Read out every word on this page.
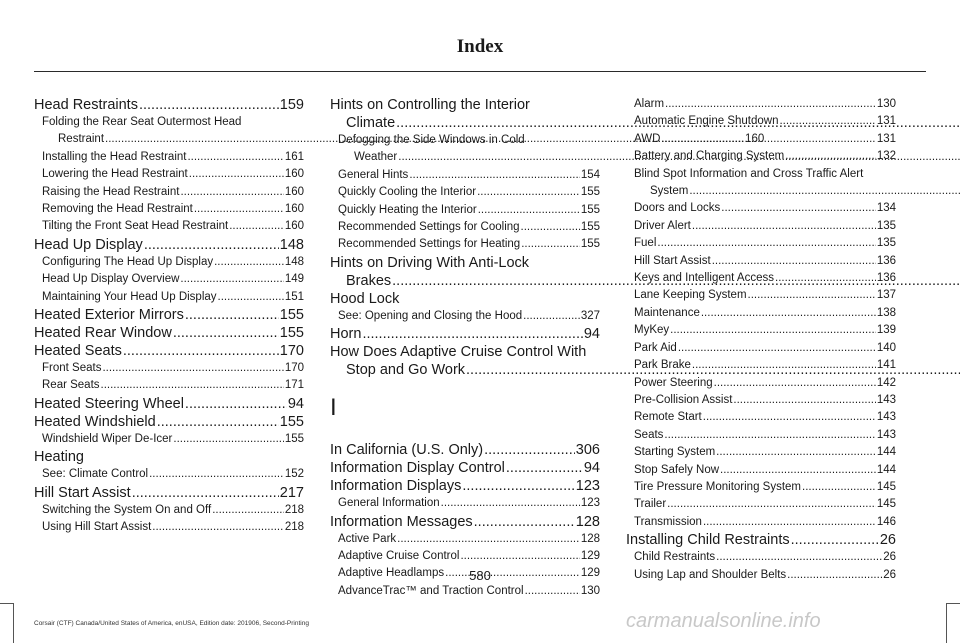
Index
Head Restraints .....	159
Folding the Rear Seat Outermost Head
Restraint .....	160
Installing the Head Restraint .....	161
Lowering the Head Restraint .....	160
Raising the Head Restraint .....	160
Removing the Head Restraint .....	160
Tilting the Front Seat Head Restraint .....	160
Head Up Display .....	148
Configuring The Head Up Display .....	148
Head Up Display Overview .....	149
Maintaining Your Head Up Display .....	151
Heated Exterior Mirrors .....	155
Heated Rear Window .....	155
Heated Seats .....	170
Front Seats .....	170
Rear Seats .....	171
Heated Steering Wheel .....	94
Heated Windshield .....	155
Windshield Wiper De-Icer .....	155
Heating
See: Climate Control .....	152
Hill Start Assist .....	217
Switching the System On and Off .....	218
Using Hill Start Assist .....	218
Hints on Controlling the Interior
Climate .....
Defogging the Side Windows in Cold
Weather .....
General Hints .....	154
Quickly Cooling the Interior .....	155
Quickly Heating the Interior .....	155
Recommended Settings for Cooling .....	155
Recommended Settings for Heating .....	155
Hints on Driving With Anti-Lock
Brakes .....
Hood Lock
See: Opening and Closing the Hood .....	327
Horn .....	94
How Does Adaptive Cruise Control With
Stop and Go Work .....
I
In California (U.S. Only) .....	306
Information Display Control .....	94
Information Displays .....	123
General Information .....	123
Information Messages .....	128
Active Park .....	128
Adaptive Cruise Control .....	129
Adaptive Headlamps .....	129
AdvanceTrac™ and Traction Control .....	130
Alarm .....	130
Automatic Engine Shutdown .....	131
AWD .....	131
Battery and Charging System .....	132
Blind Spot Information and Cross Traffic Alert
System .....
Doors and Locks .....	134
Driver Alert .....	135
Fuel .....	135
Hill Start Assist .....	136
Keys and Intelligent Access .....	136
Lane Keeping System .....	137
Maintenance .....	138
MyKey .....	139
Park Aid .....	140
Park Brake .....	141
Power Steering .....	142
Pre-Collision Assist .....	143
Remote Start .....	143
Seats .....	143
Starting System .....	144
Stop Safely Now .....	144
Tire Pressure Monitoring System .....	145
Trailer .....	145
Transmission .....	146
Installing Child Restraints .....	26
Child Restraints .....	26
Using Lap and Shoulder Belts .....	26
580
Corsair (CTF) Canada/United States of America, enUSA, Edition date: 201906, Second-Printing	carmanualsonline.info
